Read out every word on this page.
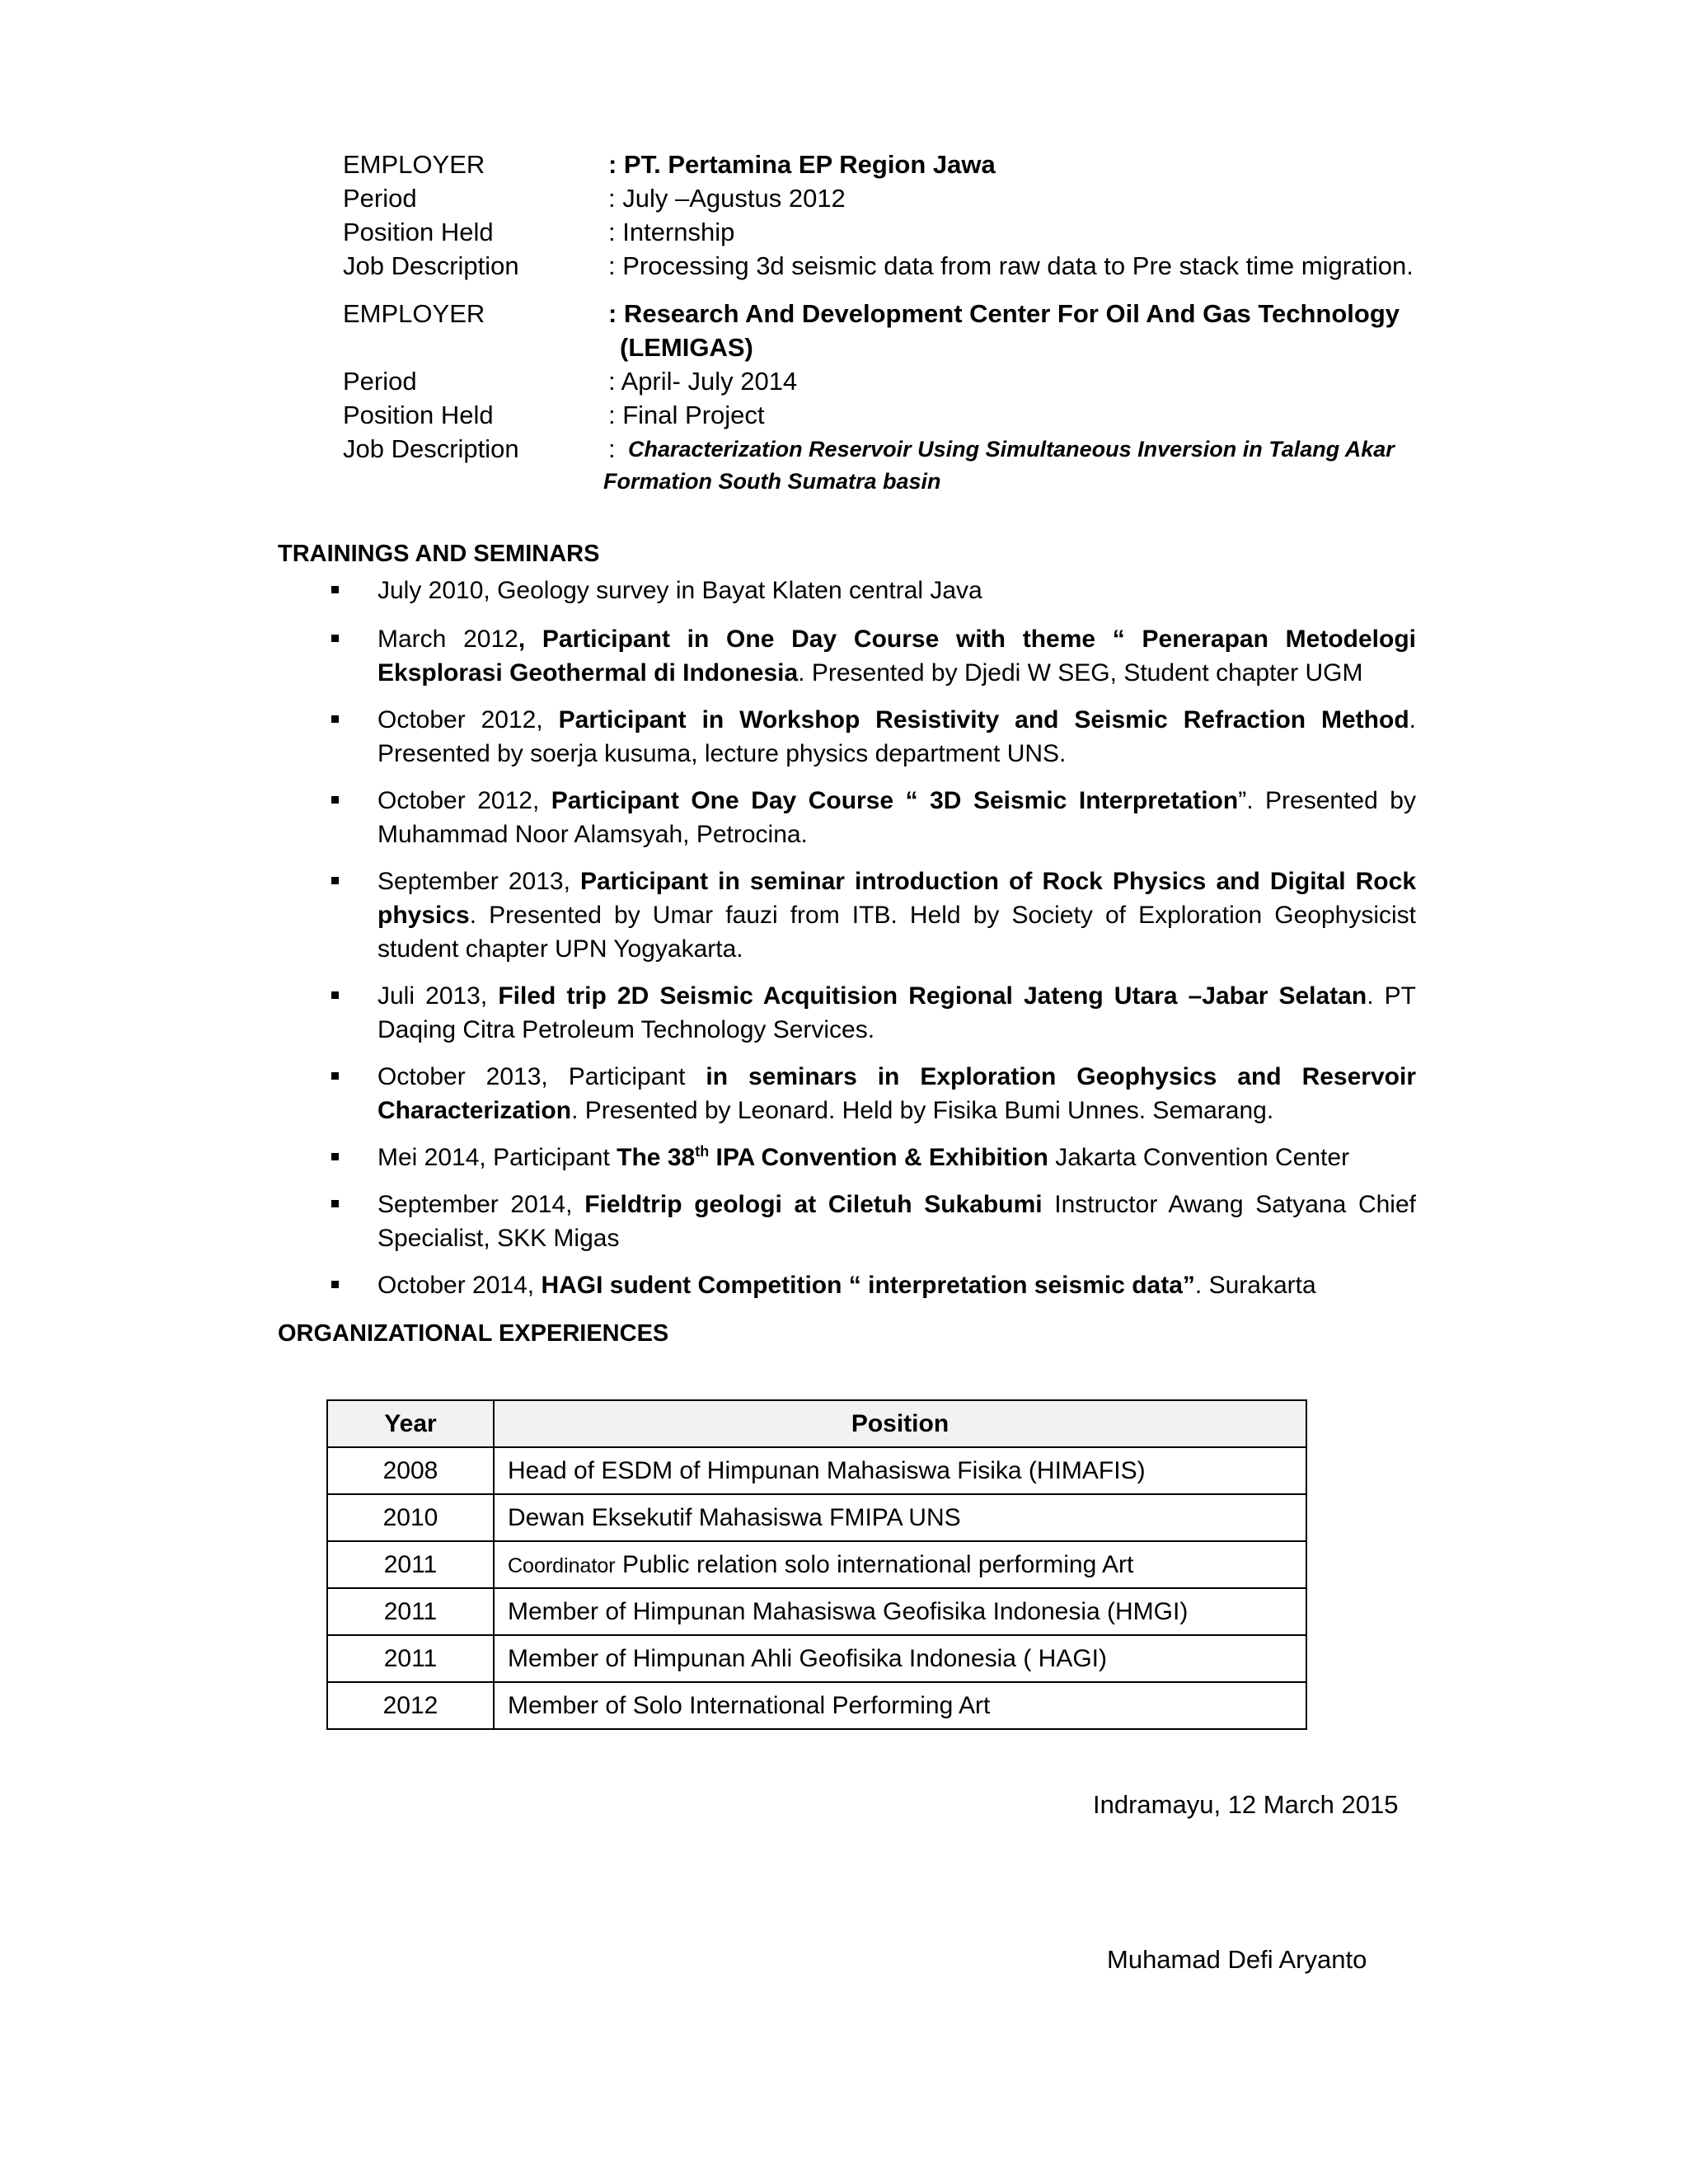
EMPLOYER	: PT. Pertamina EP Region Jawa
Period	: July –Agustus 2012
Position Held	: Internship
Job Description	: Processing 3d seismic data from raw data to Pre stack time migration.
EMPLOYER	: Research And Development Center For Oil And Gas Technology
(LEMIGAS)
Period	: April- July 2014
Position Held	: Final Project
Job Description	: Characterization Reservoir Using Simultaneous Inversion in Talang Akar
Formation South Sumatra basin
TRAININGS AND SEMINARS
July 2010, Geology survey in Bayat Klaten central Java
March 2012, Participant in One Day Course with theme “ Penerapan Metodelogi Eksplorasi Geothermal di Indonesia. Presented by Djedi W SEG, Student chapter UGM
October 2012, Participant in Workshop Resistivity and Seismic Refraction Method. Presented by soerja kusuma, lecture physics department UNS.
October 2012, Participant One Day Course “ 3D Seismic Interpretation”. Presented by Muhammad Noor Alamsyah, Petrocina.
September 2013, Participant in seminar introduction of Rock Physics and Digital Rock physics. Presented by Umar fauzi from ITB. Held by Society of Exploration Geophysicist student chapter UPN Yogyakarta.
Juli 2013, Filed trip 2D Seismic Acquitision Regional Jateng Utara –Jabar Selatan. PT Daqing Citra Petroleum Technology Services.
October 2013, Participant in seminars in Exploration Geophysics and Reservoir Characterization. Presented by Leonard. Held by Fisika Bumi Unnes. Semarang.
Mei 2014, Participant The 38th IPA Convention & Exhibition Jakarta Convention Center
September 2014, Fieldtrip geologi at Ciletuh Sukabumi Instructor Awang Satyana Chief Specialist, SKK Migas
October 2014, HAGI sudent Competition “ interpretation seismic data”. Surakarta
ORGANIZATIONAL EXPERIENCES
Year	Position
2008	Head of ESDM of Himpunan Mahasiswa Fisika (HIMAFIS)
2010	Dewan Eksekutif Mahasiswa FMIPA UNS
2011	Coordinator Public relation solo international performing Art
2011	Member of Himpunan Mahasiswa Geofisika Indonesia (HMGI)
2011	Member of Himpunan Ahli Geofisika Indonesia ( HAGI)
2012	Member of Solo International Performing Art
Indramayu, 12 March 2015
Muhamad Defi Aryanto
